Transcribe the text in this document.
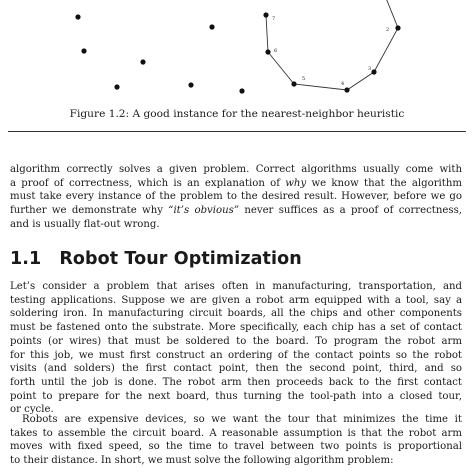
7
6
5
4
3
2
Figure 1.2: A good instance for the nearest-neighbor heuristic

algorithm correctly solves a given problem. Correct algorithms usually come with
a proof of correctness, which is an explanation of why we know that the algorithm
must take every instance of the problem to the desired result. However, before we go
further we demonstrate why “it’s obvious” never suffices as a proof of correctness,
and is usually flat-out wrong.

1.1 Robot Tour Optimization

Let’s consider a problem that arises often in manufacturing, transportation, and
testing applications. Suppose we are given a robot arm equipped with a tool, say a
soldering iron. In manufacturing circuit boards, all the chips and other components
must be fastened onto the substrate. More specifically, each chip has a set of contact
points (or wires) that must be soldered to the board. To program the robot arm
for this job, we must first construct an ordering of the contact points so the robot
visits (and solders) the first contact point, then the second point, third, and so
forth until the job is done. The robot arm then proceeds back to the first contact
point to prepare for the next board, thus turning the tool-path into a closed tour,
or cycle.

Robots are expensive devices, so we want the tour that minimizes the time it
takes to assemble the circuit board. A reasonable assumption is that the robot arm
moves with fixed speed, so the time to travel between two points is proportional
to their distance. In short, we must solve the following algorithm problem:
